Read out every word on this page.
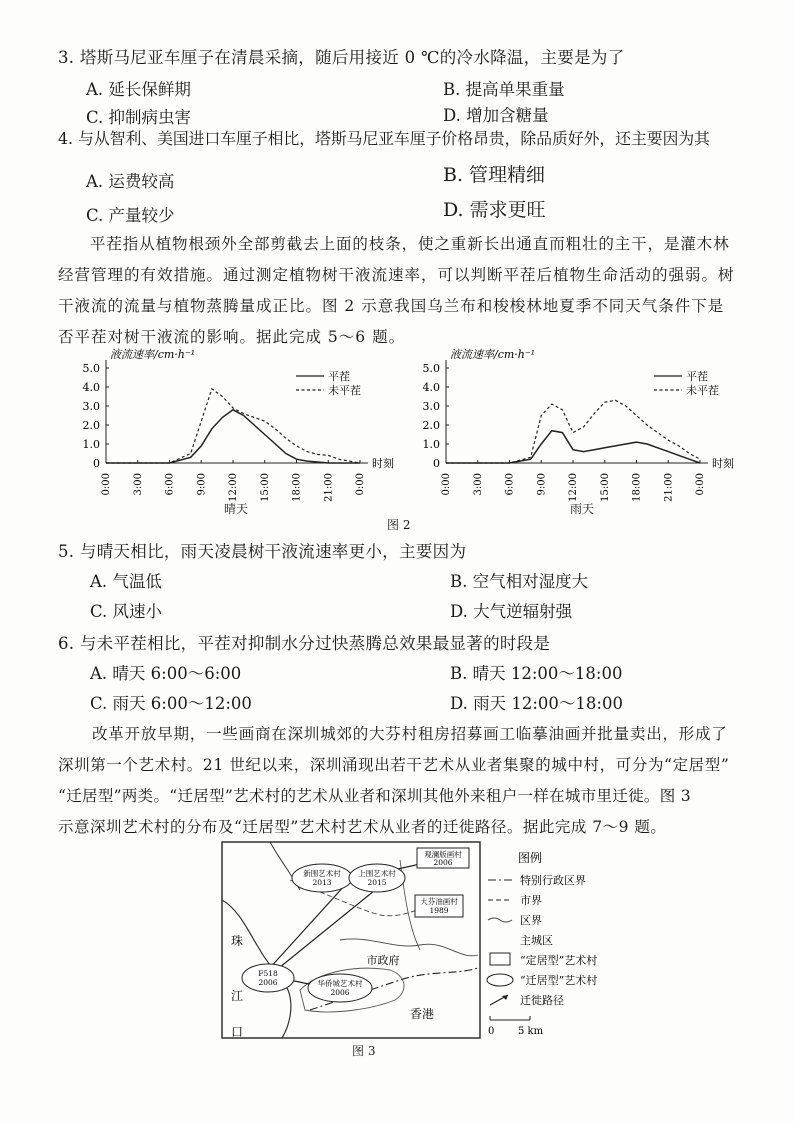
3. 塔斯马尼亚车厘子在清晨采摘，随后用接近 0 ℃的冷水降温，主要是为了
A. 延长保鲜期	B. 提高单果重量
C. 抑制病虫害	D. 增加含糖量
4. 与从智利、美国进口车厘子相比，塔斯马尼亚车厘子价格昂贵，除品质好外，还主要因为其
A. 运费较高	B. 管理精细
C. 产量较少	D. 需求更旺
平茬指从植物根颈外全部剪截去上面的枝条，使之重新长出通直而粗壮的主干，是灌木林
经营管理的有效措施。通过测定植物树干液流速率，可以判断平茬后植物生命活动的强弱。树
干液流的流量与植物蒸腾量成正比。图 2 示意我国乌兰布和梭梭林地夏季不同天气条件下是
否平茬对树干液流的影响。据此完成 5～6 题。
液流速率/cm·h⁻¹
时刻
0
1.0
2.0
3.0
4.0
5.0
0:00 3:00 6:00 9:00 12:00 15:00 18:00 21:00 0:00
平茬
未平茬
液流速率/cm·h⁻¹
时刻
0
1.0
2.0
3.0
4.0
5.0
0:00 3:00 6:00 9:00 12:00 15:00 18:00 21:00 0:00
平茬
未平茬
晴天	雨天
图 2
5. 与晴天相比，雨天凌晨树干液流速率更小，主要因为
A. 气温低	B. 空气相对湿度大
C. 风速小	D. 大气逆辐射强
6. 与未平茬相比，平茬对抑制水分过快蒸腾总效果最显著的时段是
A. 晴天 6:00～6:00	B. 晴天 12:00～18:00
C. 雨天 6:00～12:00	D. 雨天 12:00～18:00
改革开放早期，一些画商在深圳城郊的大芬村租房招募画工临摹油画并批量卖出，形成了
深圳第一个艺术村。21 世纪以来，深圳涌现出若干艺术从业者集聚的城中村，可分为“定居型”
“迁居型”两类。“迁居型”艺术村的艺术从业者和深圳其他外来租户一样在城市里迁徙。图 3
示意深圳艺术村的分布及“迁居型”艺术村艺术从业者的迁徙路径。据此完成 7～9 题。
观澜版画村
2006
新围艺术村
2013
上围艺术村
2015
大芬油画村
1989
F518
2006	华侨城艺术村
2006
珠
江
口
市政府
香港
图例
特别行政区界
市界
区界
主城区
“定居型”艺术村
“迁居型”艺术村
迁徙路径
0 5 km
图 3
